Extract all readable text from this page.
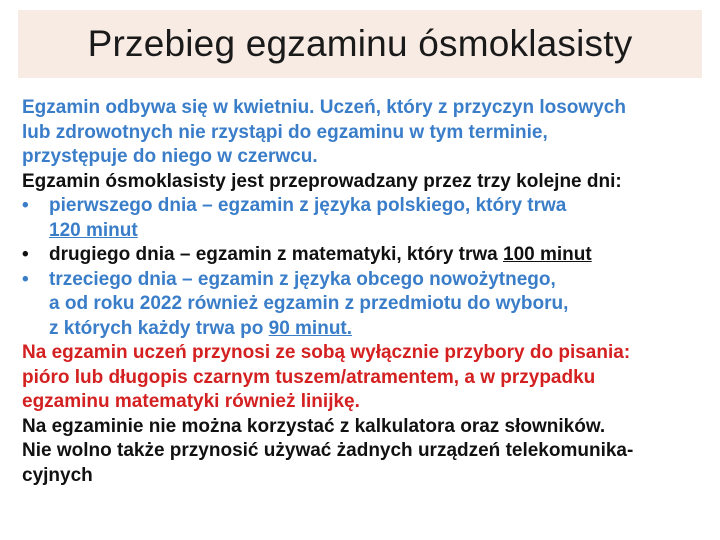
Przebieg egzaminu ósmoklasisty
Egzamin odbywa się w kwietniu. Uczeń, który z przyczyn losowych
lub zdrowotnych nie rzystąpi do egzaminu w tym terminie,
przystępuje do niego w czerwcu.
Egzamin ósmoklasisty jest przeprowadzany przez trzy kolejne dni:
• pierwszego dnia – egzamin z języka polskiego, który trwa
120 minut
• drugiego dnia – egzamin z matematyki, który trwa 100 minut
• trzeciego dnia – egzamin z języka obcego nowożytnego,
a od roku 2022 również egzamin z przedmiotu do wyboru,
z których każdy trwa po 90 minut.
Na egzamin uczeń przynosi ze sobą wyłącznie przybory do pisania:
pióro lub długopis czarnym tuszem/atramentem, a w przypadku
egzaminu matematyki również linijkę.
Na egzaminie nie można korzystać z kalkulatora oraz słowników.
Nie wolno także przynosić używać żadnych urządzeń telekomunika-
cyjnych
